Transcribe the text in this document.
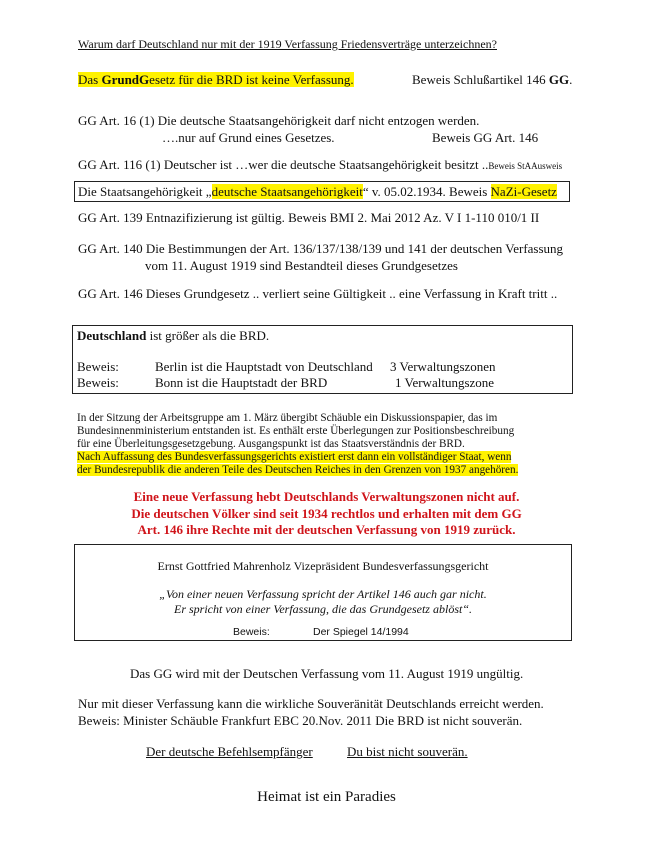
Warum darf Deutschland nur mit der 1919 Verfassung Friedensverträge unterzeichnen?
Das GrundGesetz für die BRD ist keine Verfassung.	Beweis Schlußartikel 146 GG.
GG Art. 16 (1) Die deutsche Staatsangehörigkeit darf nicht entzogen werden.
….nur auf Grund eines Gesetzes.	Beweis GG Art. 146
GG Art. 116 (1) Deutscher ist …wer die deutsche Staatsangehörigkeit besitzt ..Beweis StAAusweis
Die Staatsangehörigkeit „deutsche Staatsangehörigkeit“ v. 05.02.1934. Beweis NaZi-Gesetz
GG Art. 139 Entnazifizierung ist gültig. Beweis BMI 2. Mai 2012 Az. V I 1-110 010/1 II
GG Art. 140 Die Bestimmungen der Art. 136/137/138/139 und 141 der deutschen Verfassung
vom 11. August 1919 sind Bestandteil dieses Grundgesetzes
GG Art. 146 Dieses Grundgesetz .. verliert seine Gültigkeit .. eine Verfassung in Kraft tritt ..
Deutschland ist größer als die BRD.
Beweis:	Berlin ist die Hauptstadt von Deutschland 3 Verwaltungszonen
Beweis:	Bonn ist die Hauptstadt der BRD	1 Verwaltungszone
In der Sitzung der Arbeitsgruppe am 1. März übergibt Schäuble ein Diskussionspapier, das im
Bundesinnenministerium entstanden ist. Es enthält erste Überlegungen zur Positionsbeschreibung
für eine Überleitungsgesetzgebung. Ausgangspunkt ist das Staatsverständnis der BRD.
Nach Auffassung des Bundesverfassungsgerichts existiert erst dann ein vollständiger Staat, wenn
der Bundesrepublik die anderen Teile des Deutschen Reiches in den Grenzen von 1937 angehören.
Eine neue Verfassung hebt Deutschlands Verwaltungszonen nicht auf.
Die deutschen Völker sind seit 1934 rechtlos und erhalten mit dem GG
Art. 146 ihre Rechte mit der deutschen Verfassung von 1919 zurück.
Ernst Gottfried Mahrenholz Vizepräsident Bundesverfassungsgericht
„Von einer neuen Verfassung spricht der Artikel 146 auch gar nicht.
Er spricht von einer Verfassung, die das Grundgesetz ablöst“.
Beweis:	Der Spiegel 14/1994
Das GG wird mit der Deutschen Verfassung vom 11. August 1919 ungültig.
Nur mit dieser Verfassung kann die wirkliche Souveränität Deutschlands erreicht werden.
Beweis: Minister Schäuble Frankfurt EBC 20.Nov. 2011 Die BRD ist nicht souverän.
Der deutsche Befehlsempfänger	Du bist nicht souverän.
Heimat ist ein Paradies
